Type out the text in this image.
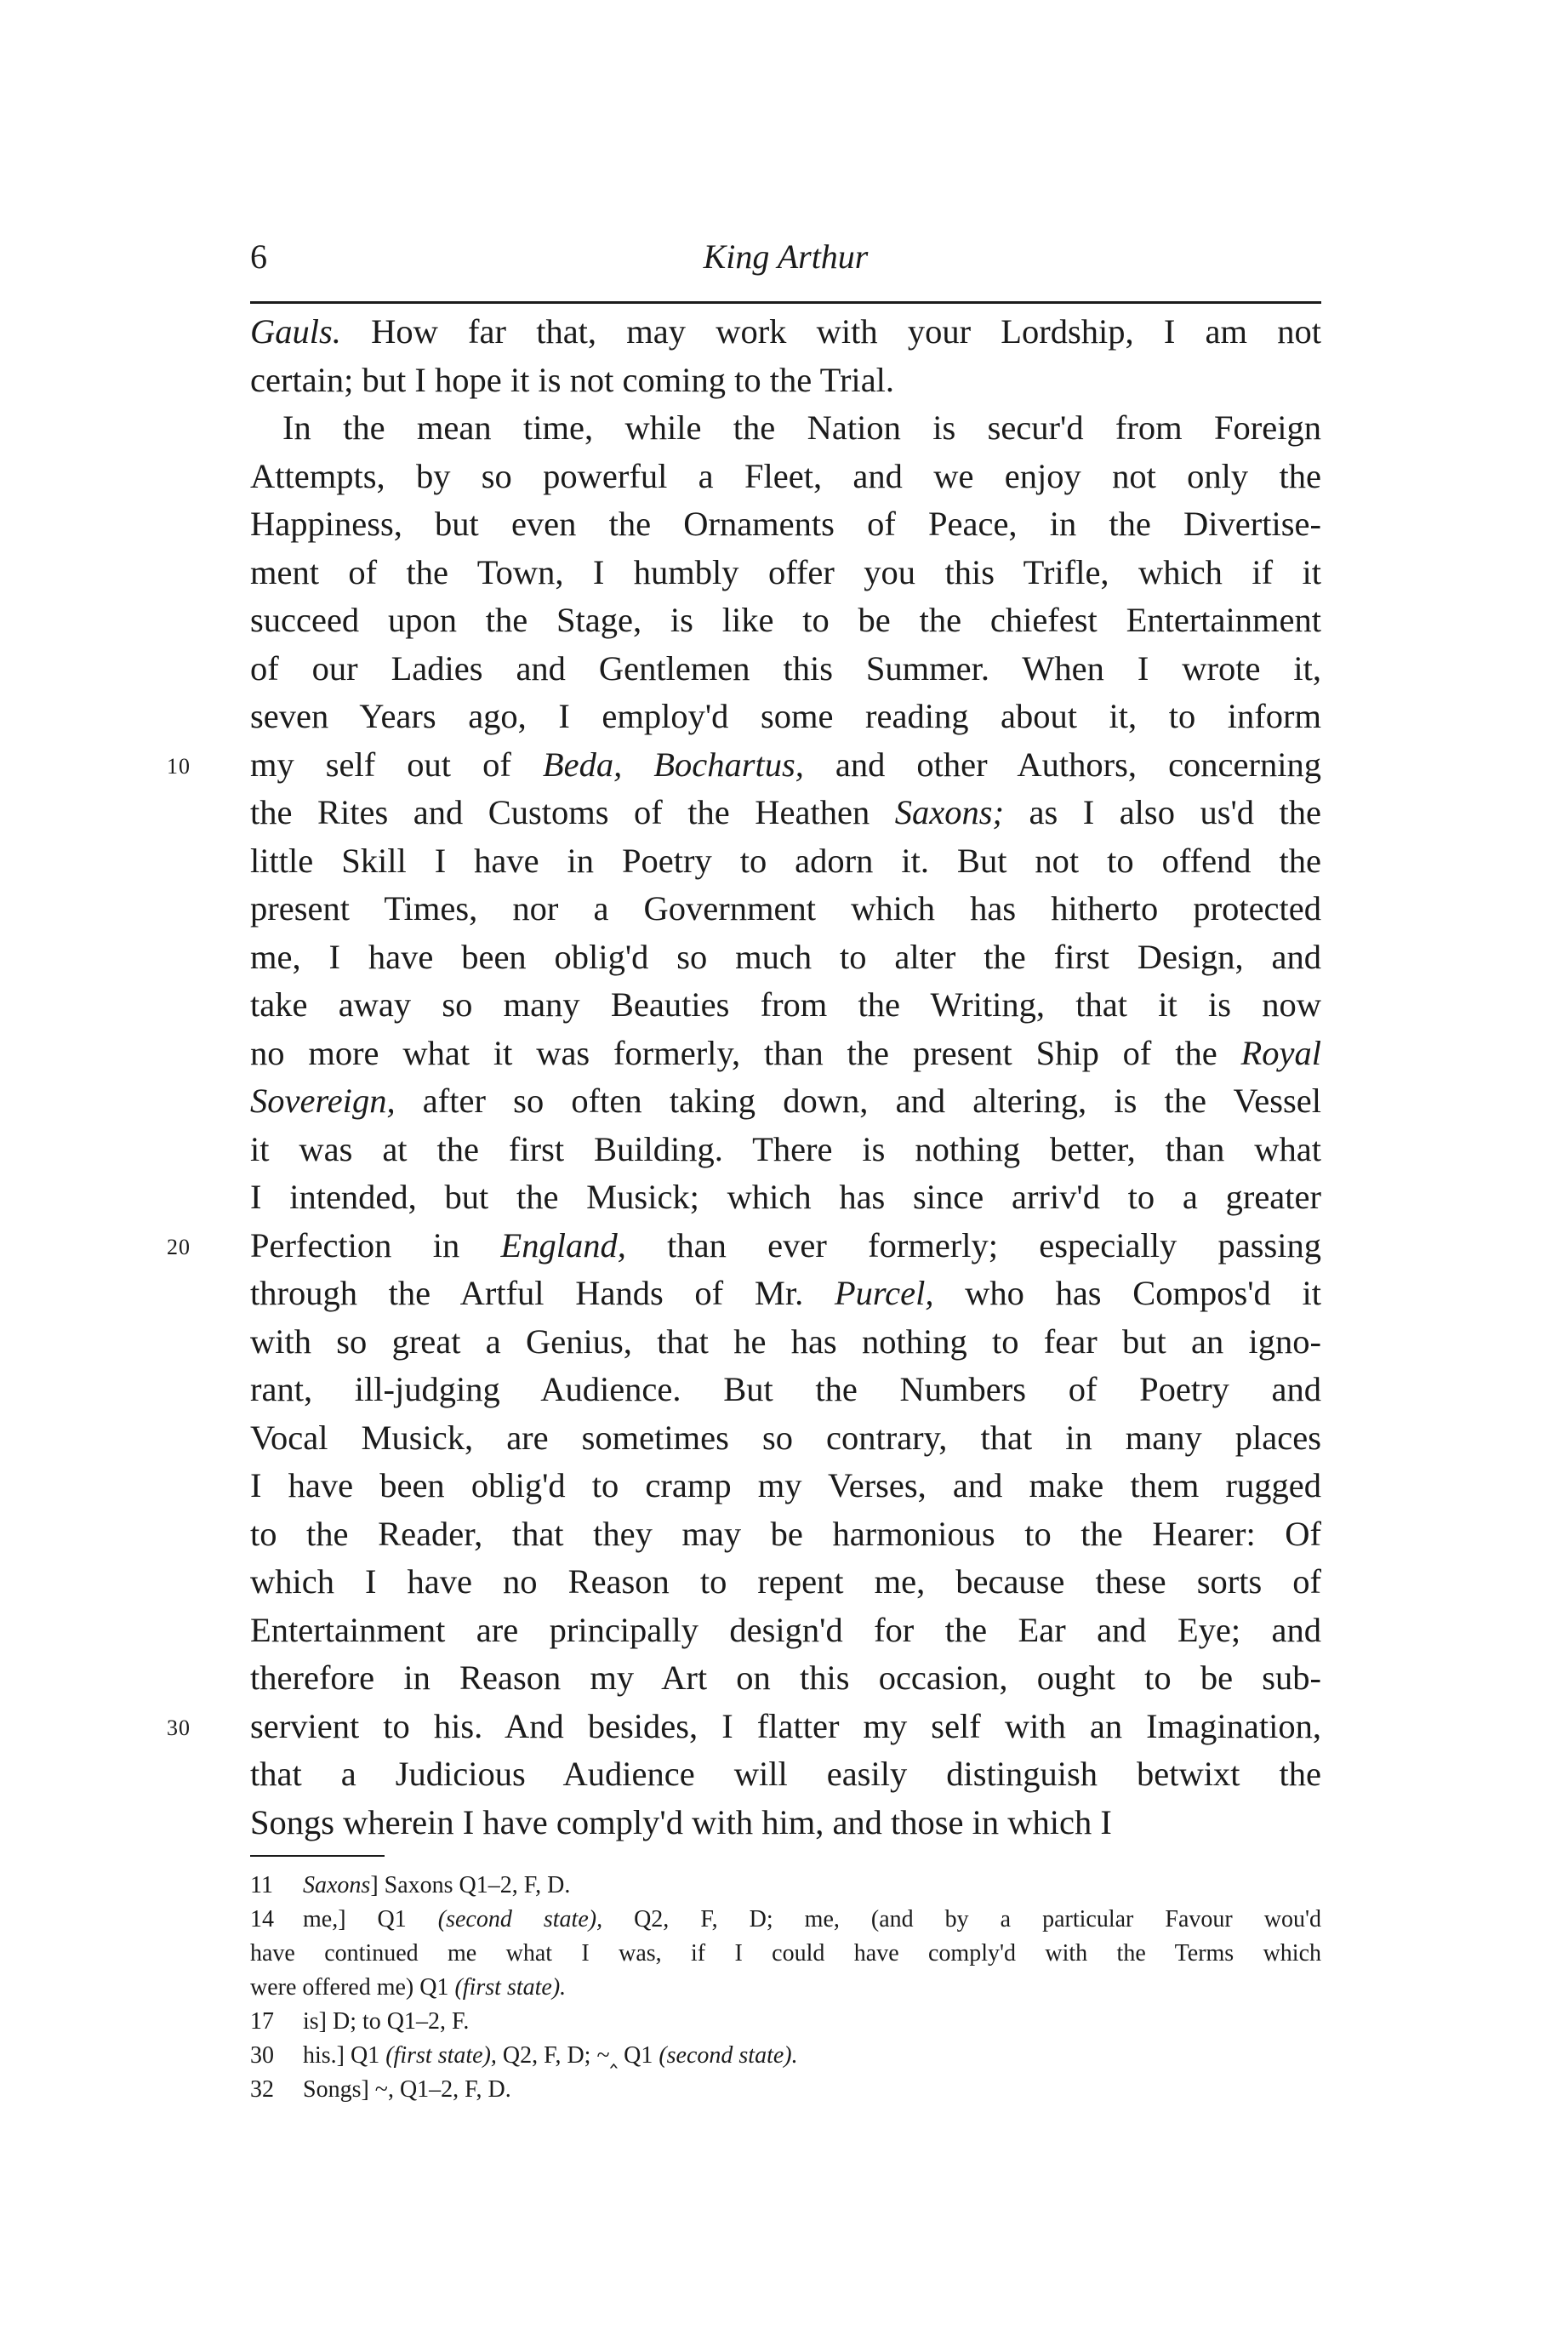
6	King Arthur
Gauls. How far that, may work with your Lordship, I am not
certain; but I hope it is not coming to the Trial.
In the mean time, while the Nation is secur'd from Foreign
Attempts, by so powerful a Fleet, and we enjoy not only the
Happiness, but even the Ornaments of Peace, in the Divertise-
ment of the Town, I humbly offer you this Trifle, which if it
succeed upon the Stage, is like to be the chiefest Entertainment
of our Ladies and Gentlemen this Summer. When I wrote it,
seven Years ago, I employ'd some reading about it, to inform
10 my self out of Beda, Bochartus, and other Authors, concerning
the Rites and Customs of the Heathen Saxons; as I also us'd the
little Skill I have in Poetry to adorn it. But not to offend the
present Times, nor a Government which has hitherto protected
me, I have been oblig'd so much to alter the first Design, and
take away so many Beauties from the Writing, that it is now
no more what it was formerly, than the present Ship of the Royal
Sovereign, after so often taking down, and altering, is the Vessel
it was at the first Building. There is nothing better, than what
I intended, but the Musick; which has since arriv'd to a greater
20 Perfection in England, than ever formerly; especially passing
through the Artful Hands of Mr. Purcel, who has Compos'd it
with so great a Genius, that he has nothing to fear but an igno-
rant, ill-judging Audience. But the Numbers of Poetry and
Vocal Musick, are sometimes so contrary, that in many places
I have been oblig'd to cramp my Verses, and make them rugged
to the Reader, that they may be harmonious to the Hearer: Of
which I have no Reason to repent me, because these sorts of
Entertainment are principally design'd for the Ear and Eye; and
therefore in Reason my Art on this occasion, ought to be sub-
30 servient to his. And besides, I flatter my self with an Imagination,
that a Judicious Audience will easily distinguish betwixt the
Songs wherein I have comply'd with him, and those in which I
11 Saxons] Saxons Q1–2, F, D.
14 me,] Q1 (second state), Q2, F, D; me, (and by a particular Favour wou'd
have continued me what I was, if I could have comply'd with the Terms which
were offered me) Q1 (first state).
17 is] D; to Q1–2, F.
30 his.] Q1 (first state), Q2, F, D; ~‸ Q1 (second state).
32 Songs] ~, Q1–2, F, D.
